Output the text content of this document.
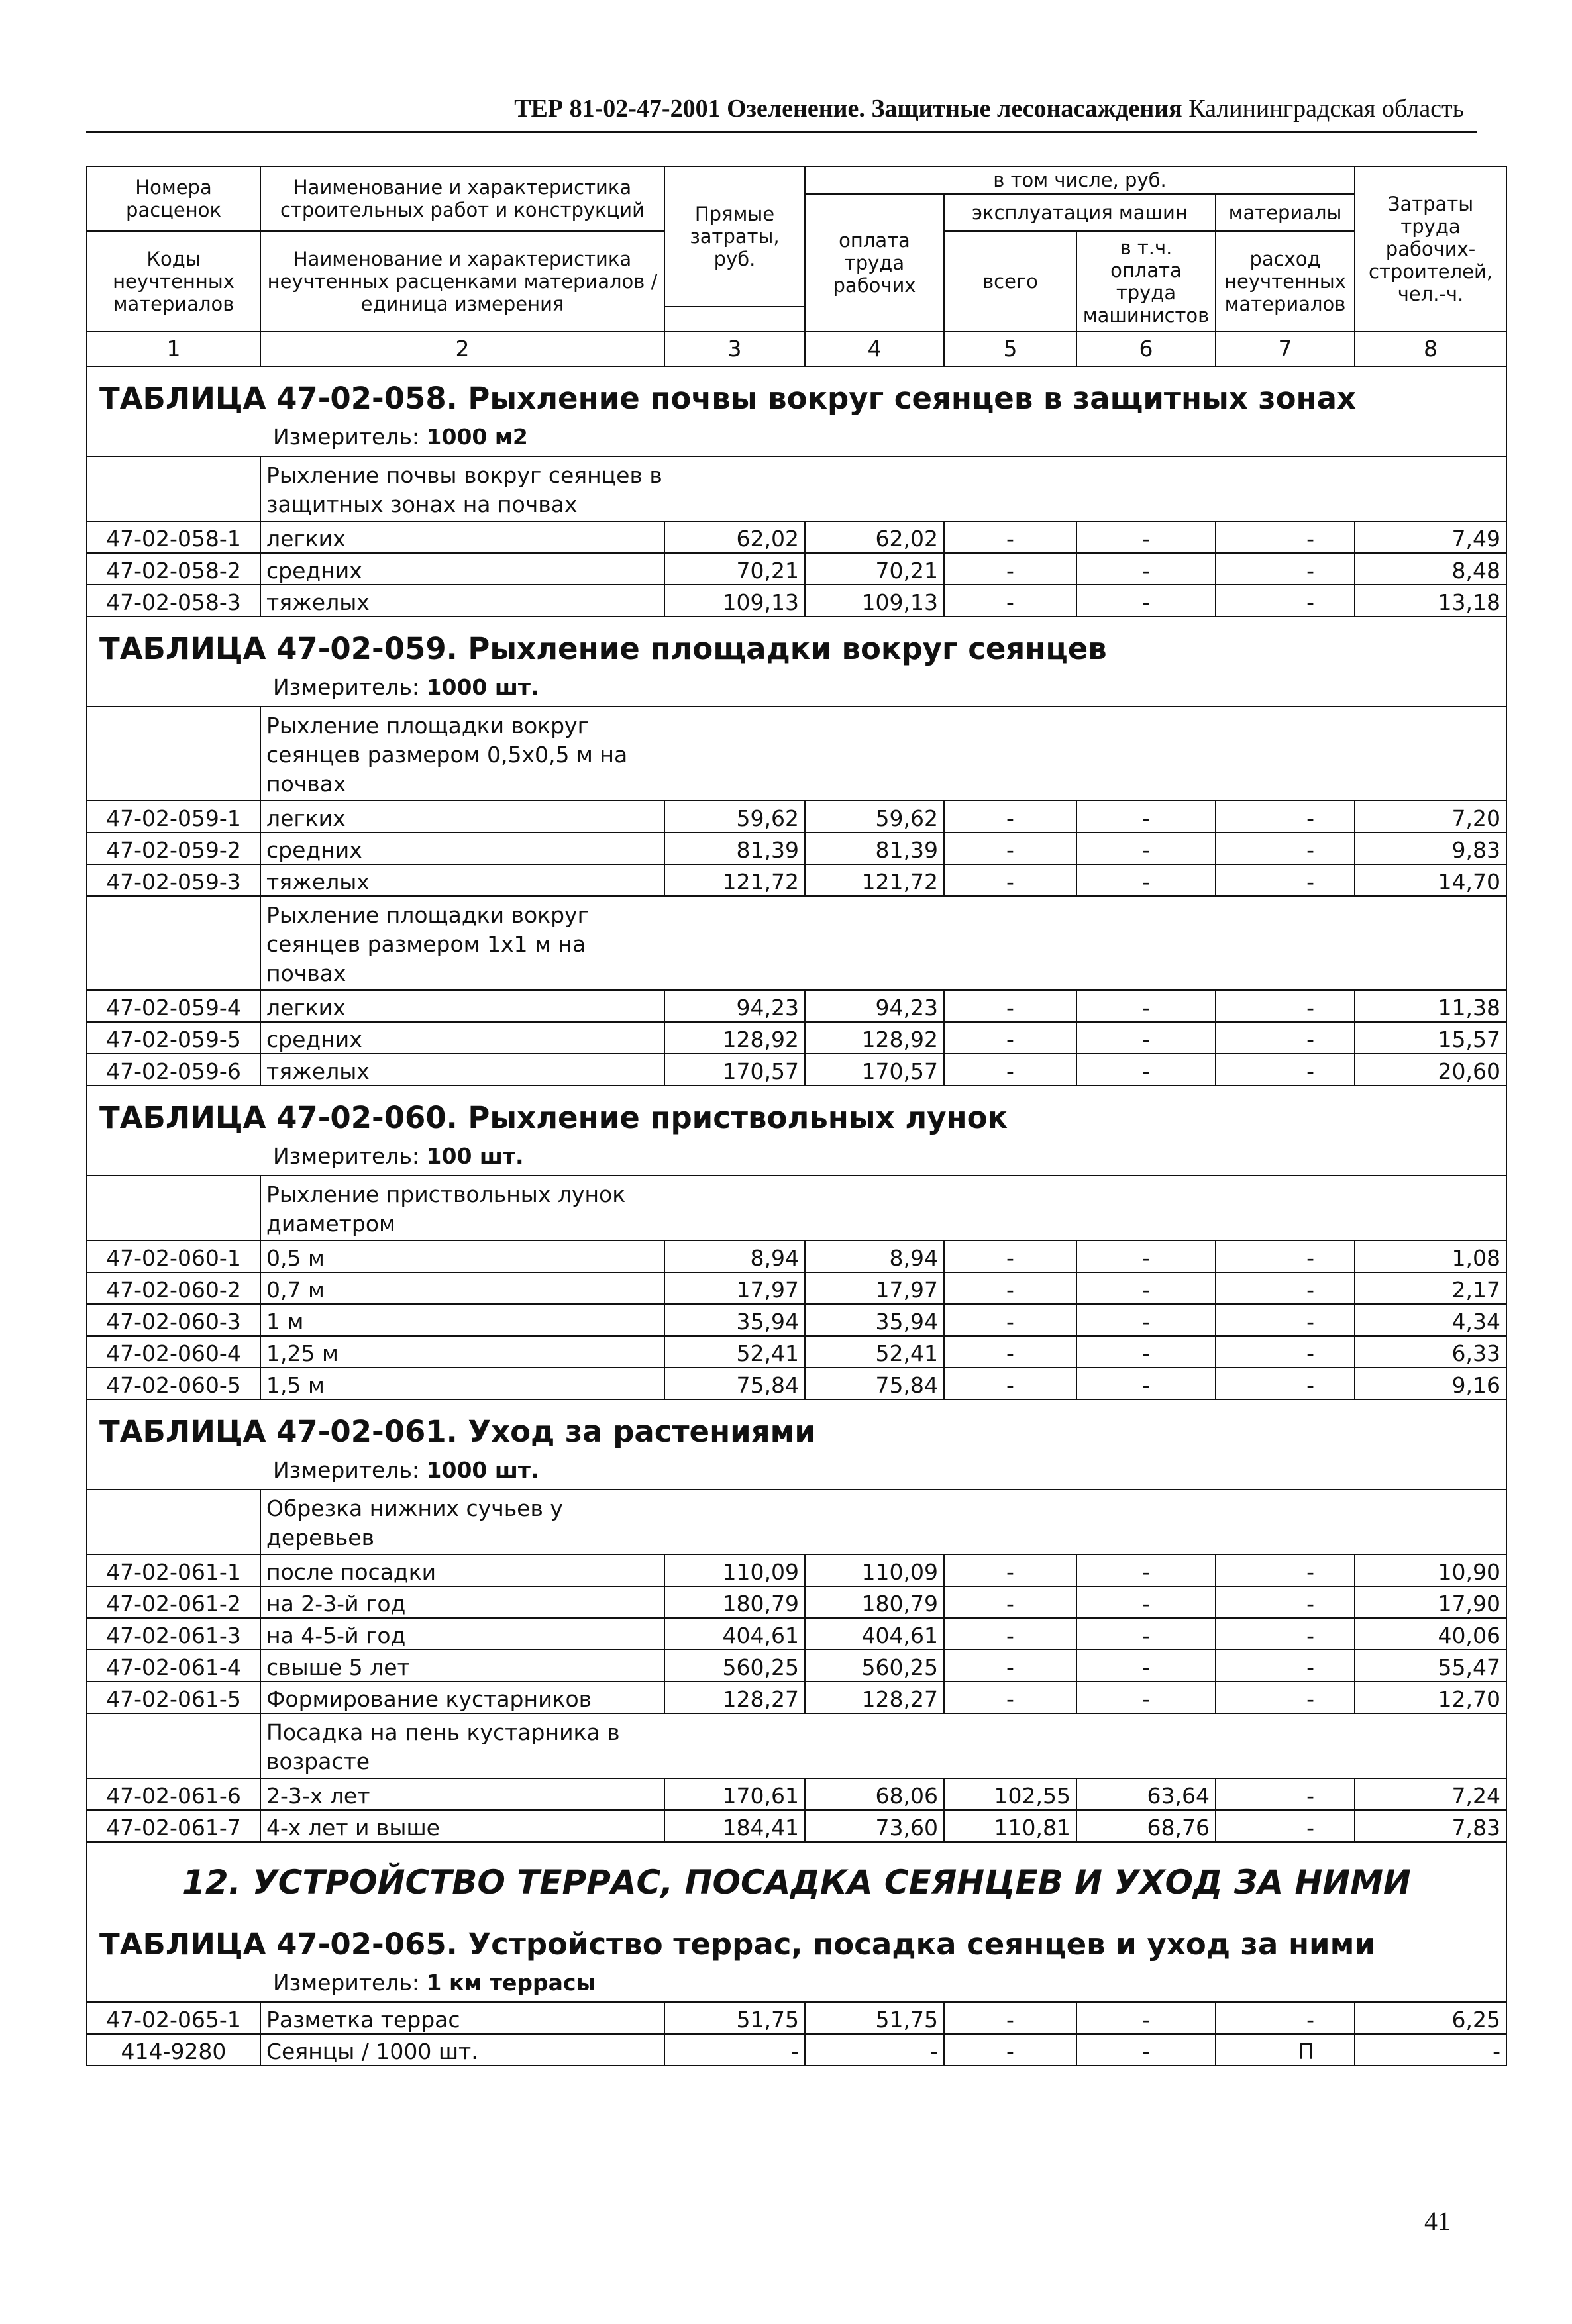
ТЕР 81-02-47-2001 Озеленение. Защитные лесонасаждения Калининградская область
Номера расценок	Наименование и характеристика строительных работ и конструкций	Прямые затраты, руб.	в том числе, руб.				Затраты труда рабочих-строителей, чел.-ч.
			оплата труда рабочих	эксплуатация машин		материалы	
Коды неучтенных материалов	Наименование и характеристика неучтенных расценками материалов / единица измерения			всего	в т.ч. оплата труда машинистов	расход неучтенных материалов	

1	2	3	4	5	6	7	8
ТАБЛИЦА 47-02-058. Рыхление почвы вокруг сеянцев в защитных зонах							
Измеритель: 1000 м2							

	Рыхление почвы вокруг сеянцев в защитных зонах на почвах						

47-02-058-1	легких	62,02	62,02	-	-	-	7,49
47-02-058-2	средних	70,21	70,21	-	-	-	8,48
47-02-058-3	тяжелых	109,13	109,13	-	-	-	13,18
ТАБЛИЦА 47-02-059. Рыхление площадки вокруг сеянцев							
Измеритель: 1000 шт.							

	Рыхление площадки вокруг сеянцев размером 0,5х0,5 м на почвах						

47-02-059-1	легких	59,62	59,62	-	-	-	7,20
47-02-059-2	средних	81,39	81,39	-	-	-	9,83
47-02-059-3	тяжелых	121,72	121,72	-	-	-	14,70

	Рыхление площадки вокруг сеянцев размером 1х1 м на почвах						

47-02-059-4	легких	94,23	94,23	-	-	-	11,38
47-02-059-5	средних	128,92	128,92	-	-	-	15,57
47-02-059-6	тяжелых	170,57	170,57	-	-	-	20,60
ТАБЛИЦА 47-02-060. Рыхление приствольных лунок							
Измеритель: 100 шт.							

	Рыхление приствольных лунок диаметром						

47-02-060-1	0,5 м	8,94	8,94	-	-	-	1,08
47-02-060-2	0,7 м	17,97	17,97	-	-	-	2,17
47-02-060-3	1 м	35,94	35,94	-	-	-	4,34
47-02-060-4	1,25 м	52,41	52,41	-	-	-	6,33
47-02-060-5	1,5 м	75,84	75,84	-	-	-	9,16
ТАБЛИЦА 47-02-061. Уход за растениями							
Измеритель: 1000 шт.							

	Обрезка нижних сучьев у деревьев						

47-02-061-1	после посадки	110,09	110,09	-	-	-	10,90
47-02-061-2	на 2-3-й год	180,79	180,79	-	-	-	17,90
47-02-061-3	на 4-5-й год	404,61	404,61	-	-	-	40,06
47-02-061-4	свыше 5 лет	560,25	560,25	-	-	-	55,47
47-02-061-5	Формирование кустарников	128,27	128,27	-	-	-	12,70

	Посадка на пень кустарника в возрасте						

47-02-061-6	2-3-х лет	170,61	68,06	102,55	63,64	-	7,24
47-02-061-7	4-х лет и выше	184,41	73,60	110,81	68,76	-	7,83
12. УСТРОЙСТВО ТЕРРАС, ПОСАДКА СЕЯНЦЕВ И УХОД ЗА НИМИ							
ТАБЛИЦА 47-02-065. Устройство террас, посадка сеянцев и уход за ними							
Измеритель: 1 км террасы							
47-02-065-1	Разметка террас	51,75	51,75	-	-	-	6,25
414-9280	Сеянцы / 1000 шт.	-	-	-	-	П	-
41
